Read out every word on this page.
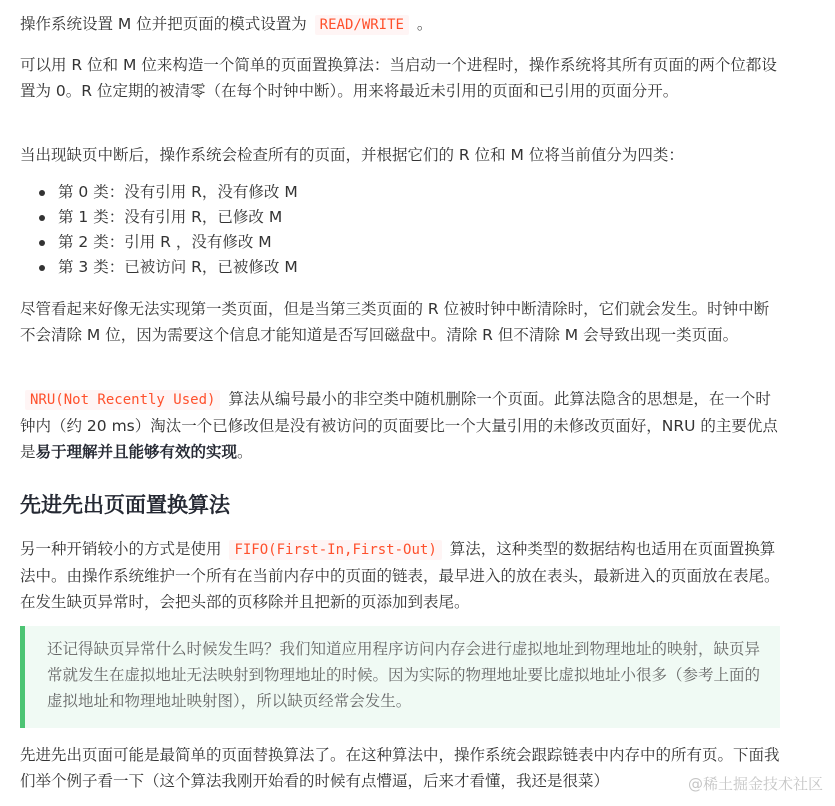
操作系统设置 M 位并把页面的模式设置为 READ/WRITE 。

可以用 R 位和 M 位来构造一个简单的页面置换算法：当启动一个进程时，操作系统将其所有页面的两个位都设置为 0。R 位定期的被清零（在每个时钟中断）。用来将最近未引用的页面和已引用的页面分开。

当出现缺页中断后，操作系统会检查所有的页面，并根据它们的 R 位和 M 位将当前值分为四类：

第 0 类：没有引用 R，没有修改 M
第 1 类：没有引用 R，已修改 M
第 2 类：引用 R ，没有修改 M
第 3 类：已被访问 R，已被修改 M

尽管看起来好像无法实现第一类页面，但是当第三类页面的 R 位被时钟中断清除时，它们就会发生。时钟中断不会清除 M 位，因为需要这个信息才能知道是否写回磁盘中。清除 R 但不清除 M 会导致出现一类页面。

NRU(Not Recently Used) 算法从编号最小的非空类中随机删除一个页面。此算法隐含的思想是，在一个时钟内（约 20 ms）淘汰一个已修改但是没有被访问的页面要比一个大量引用的未修改页面好，NRU 的主要优点是易于理解并且能够有效的实现。

先进先出页面置换算法

另一种开销较小的方式是使用 FIFO(First-In,First-Out) 算法，这种类型的数据结构也适用在页面置换算法中。由操作系统维护一个所有在当前内存中的页面的链表，最早进入的放在表头，最新进入的页面放在表尾。在发生缺页异常时，会把头部的页移除并且把新的页添加到表尾。

还记得缺页异常什么时候发生吗？我们知道应用程序访问内存会进行虚拟地址到物理地址的映射，缺页异常就发生在虚拟地址无法映射到物理地址的时候。因为实际的物理地址要比虚拟地址小很多（参考上面的虚拟地址和物理地址映射图），所以缺页经常会发生。

先进先出页面可能是最简单的页面替换算法了。在这种算法中，操作系统会跟踪链表中内存中的所有页。下面我们举个例子看一下（这个算法我刚开始看的时候有点懵逼，后来才看懂，我还是很菜）	@稀土掘金技术社区
